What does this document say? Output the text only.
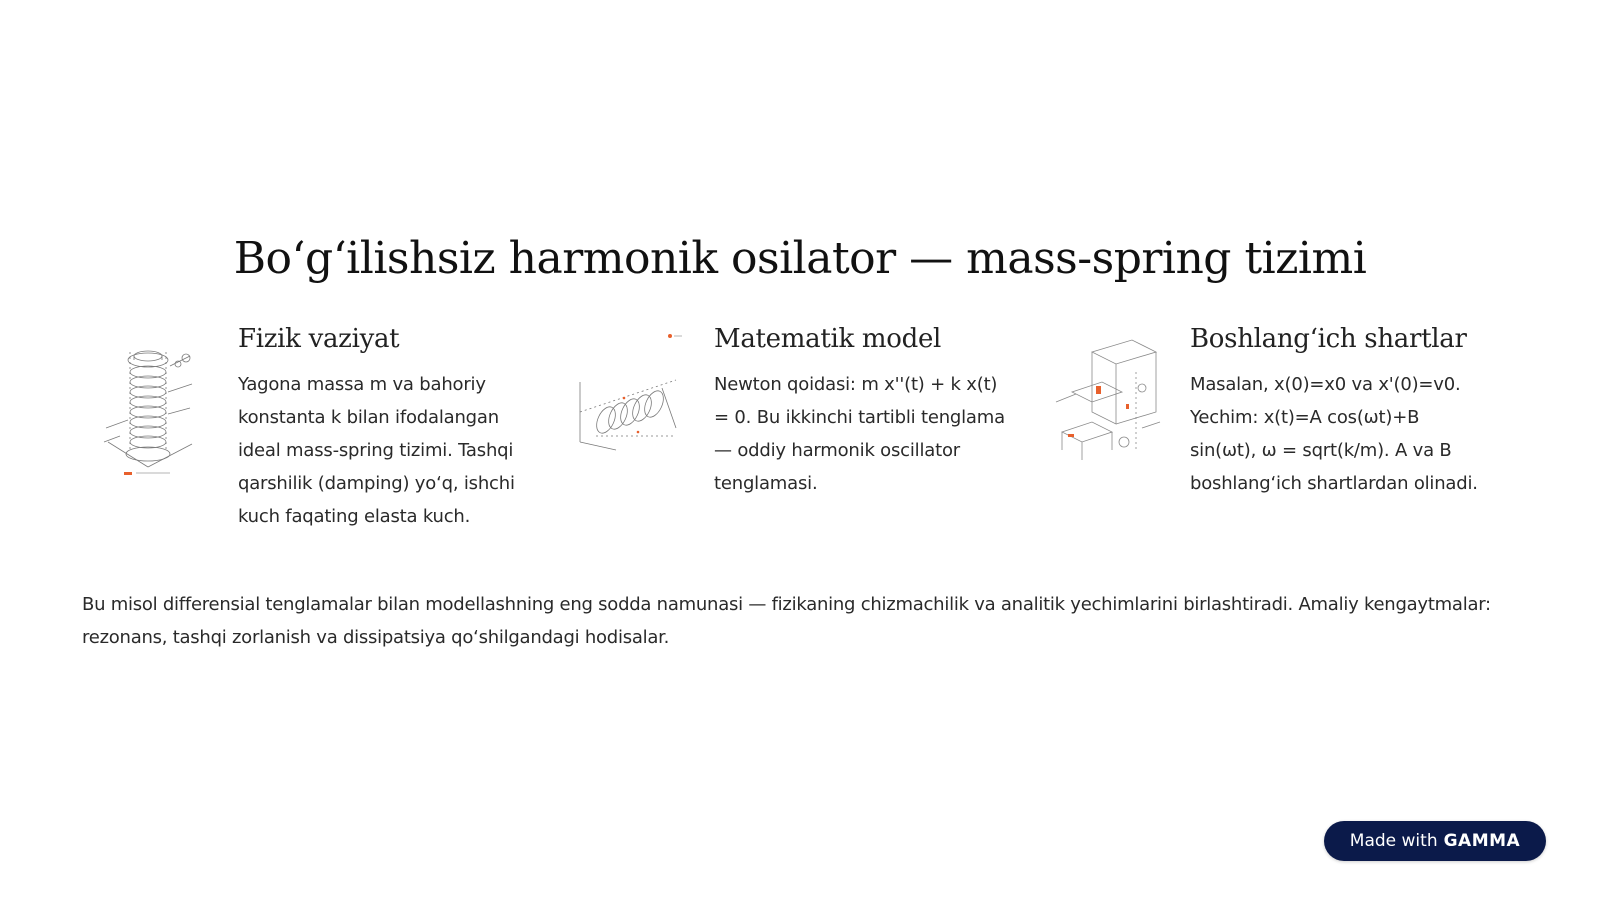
Bo‘g‘ilishsiz harmonik osilator — mass-spring tizimi
Fizik vaziyat

Yagona massa m va bahoriy konstanta k bilan ifodalangan ideal mass-spring tizimi. Tashqi qarshilik (damping) yo‘q, ishchi kuch faqating elasta kuch.

Matematik model

Newton qoidasi: m x''(t) + k x(t) = 0. Bu ikkinchi tartibli tenglama — oddiy harmonik oscillator tenglamasi.

Boshlang‘ich shartlar

Masalan, x(0)=x0 va x'(0)=v0. Yechim: x(t)=A cos(ωt)+B sin(ωt), ω = sqrt(k/m). A va B boshlang‘ich shartlardan olinadi.

Bu misol differensial tenglamalar bilan modellashning eng sodda namunasi — fizikaning chizmachilik va analitik yechimlarini birlashtiradi. Amaliy kengaytmalar: rezonans, tashqi zorlanish va dissipatsiya qo‘shilgandagi hodisalar.

Made with GAMMA
